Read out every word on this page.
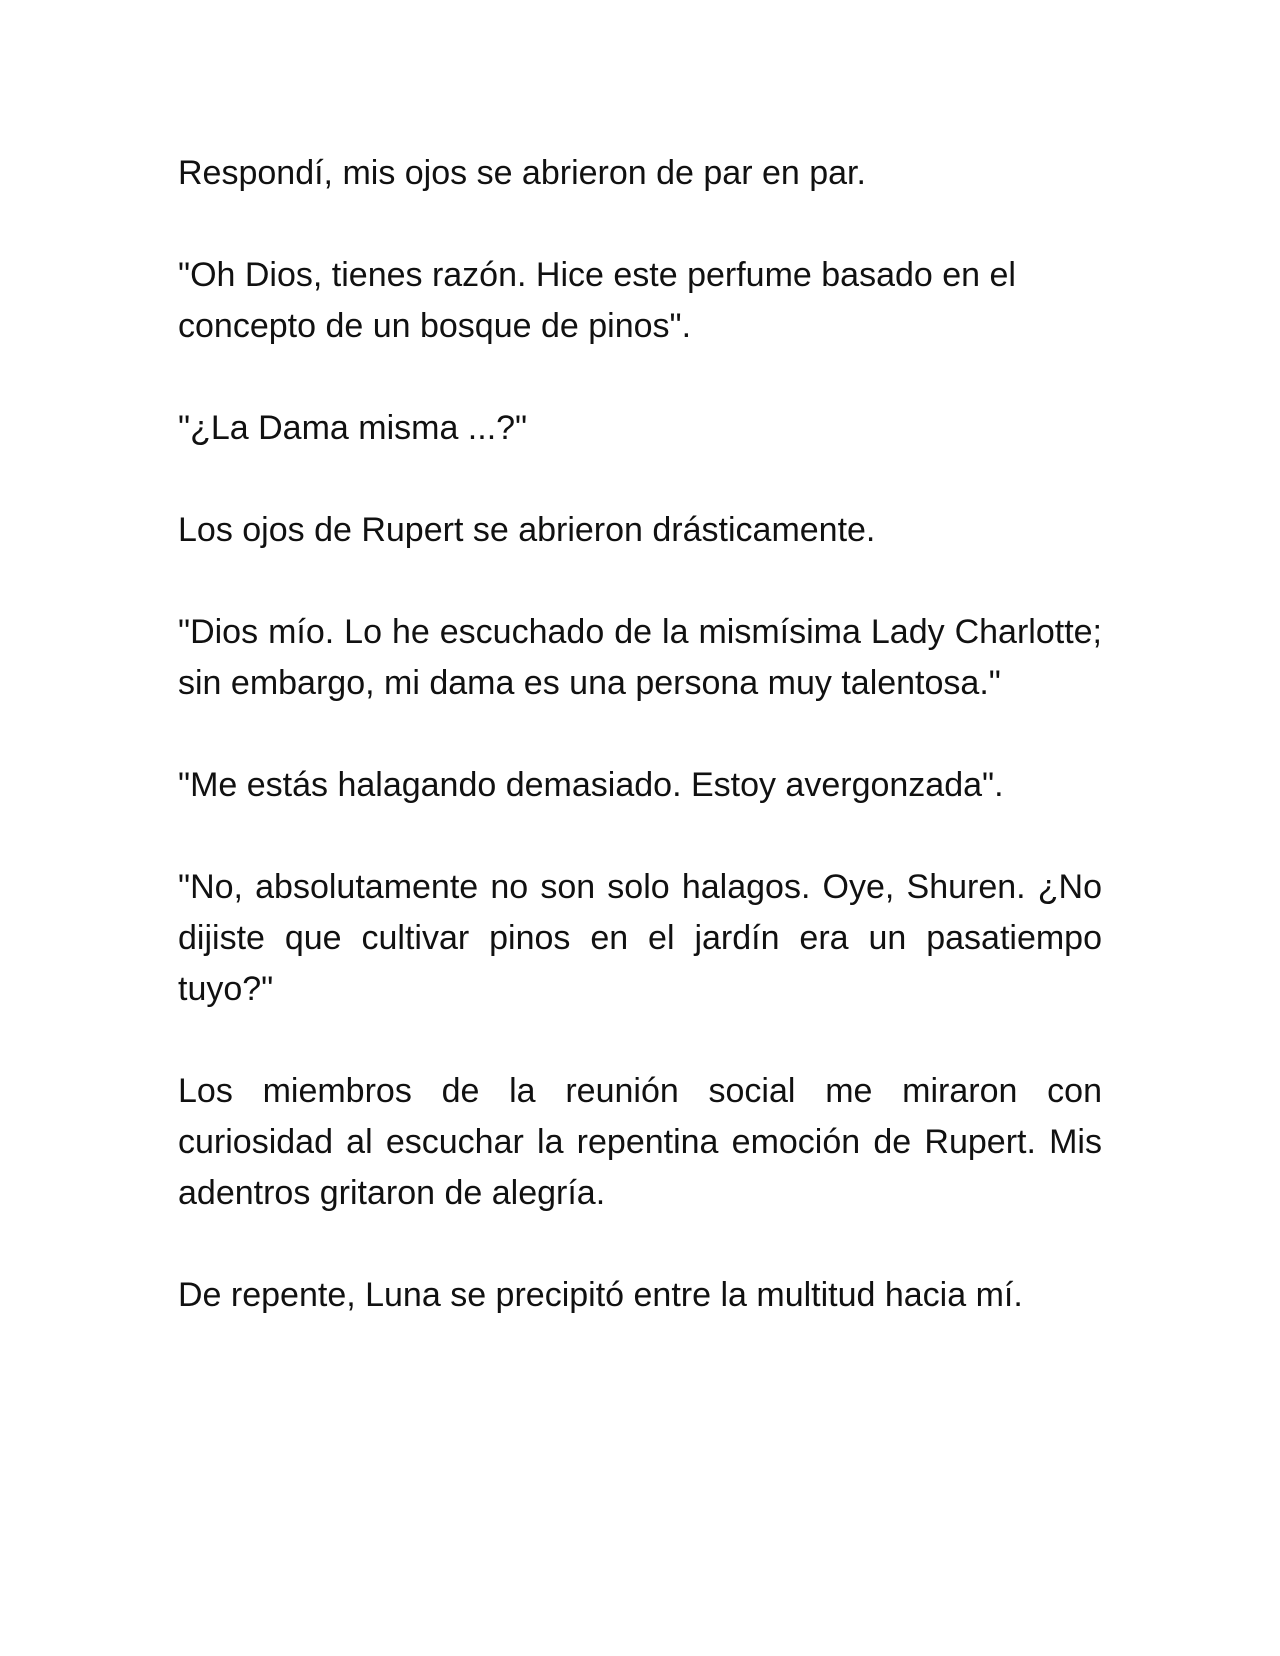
Respondí, mis ojos se abrieron de par en par.

"Oh Dios, tienes razón. Hice este perfume basado en el concepto de un bosque de pinos".

"¿La Dama misma ...?"

Los ojos de Rupert se abrieron drásticamente.

"Dios mío. Lo he escuchado de la mismísima Lady Charlotte; sin embargo, mi dama es una persona muy talentosa."

"Me estás halagando demasiado. Estoy avergonzada".

"No, absolutamente no son solo halagos. Oye, Shuren. ¿No dijiste que cultivar pinos en el jardín era un pasatiempo tuyo?"

Los miembros de la reunión social me miraron con curiosidad al escuchar la repentina emoción de Rupert. Mis adentros gritaron de alegría.

De repente, Luna se precipitó entre la multitud hacia mí.
